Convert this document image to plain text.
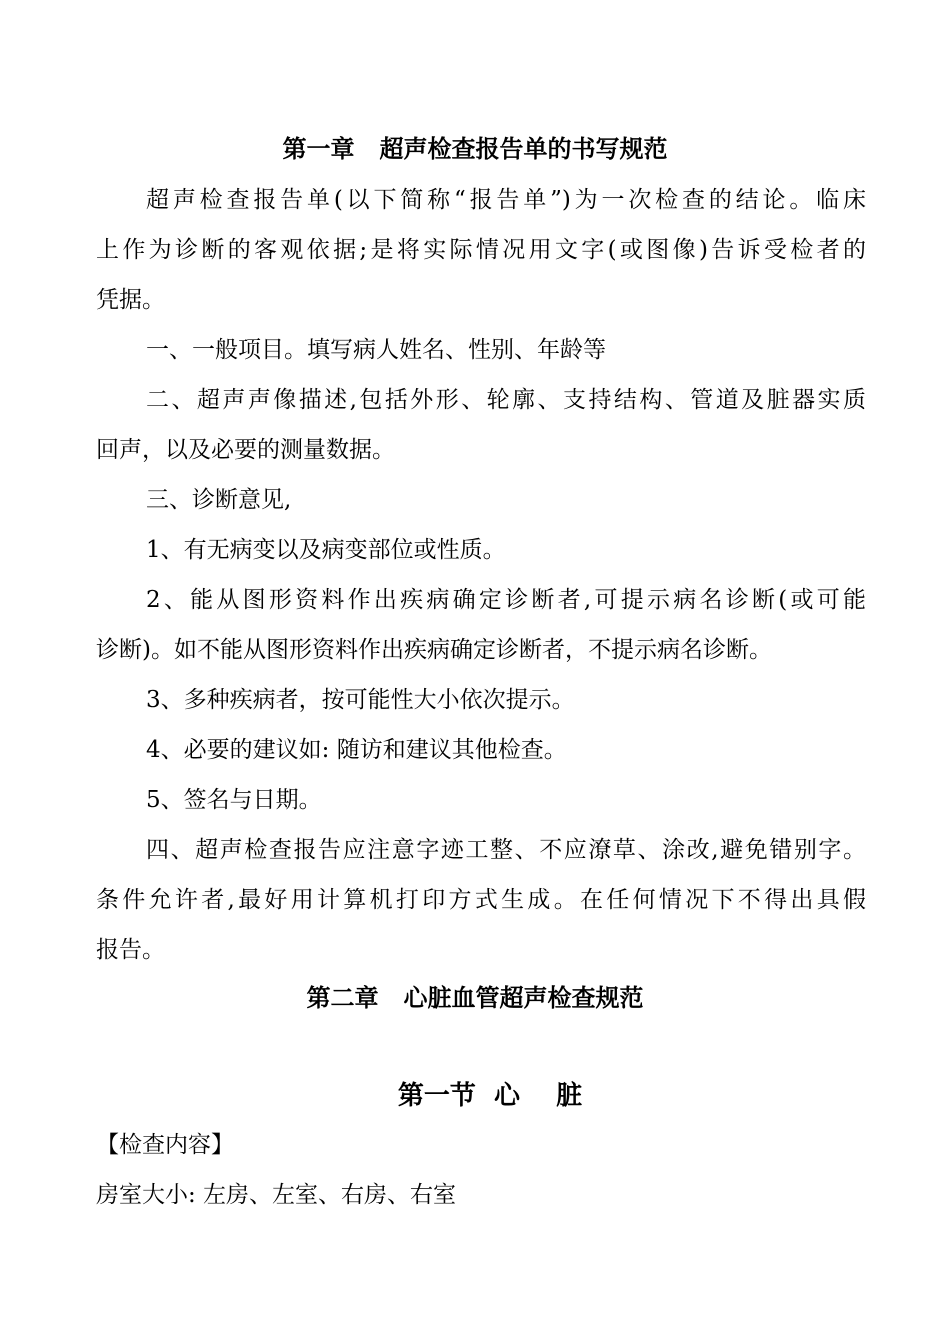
第一章   超声检查报告单的书写规范
超声检查报告单(以下简称“报告单”)为一次检查的结论。临床
上作为诊断的客观依据;是将实际情况用文字(或图像)告诉受检者的
凭据。
一、一般项目。填写病人姓名、性别、年龄等
二、超声声像描述,包括外形、轮廓、支持结构、管道及脏器实质
回声，以及必要的测量数据。
三、诊断意见,
1、有无病变以及病变部位或性质。
2、能从图形资料作出疾病确定诊断者,可提示病名诊断(或可能
诊断)。如不能从图形资料作出疾病确定诊断者，不提示病名诊断。
3、多种疾病者，按可能性大小依次提示。
4、必要的建议如: 随访和建议其他检查。
5、签名与日期。
四、超声检查报告应注意字迹工整、不应潦草、涂改,避免错别字。
条件允许者,最好用计算机打印方式生成。在任何情况下不得出具假
报告。
第二章   心脏血管超声检查规范
第一节  心    脏
【检查内容】
房室大小: 左房、左室、右房、右室
